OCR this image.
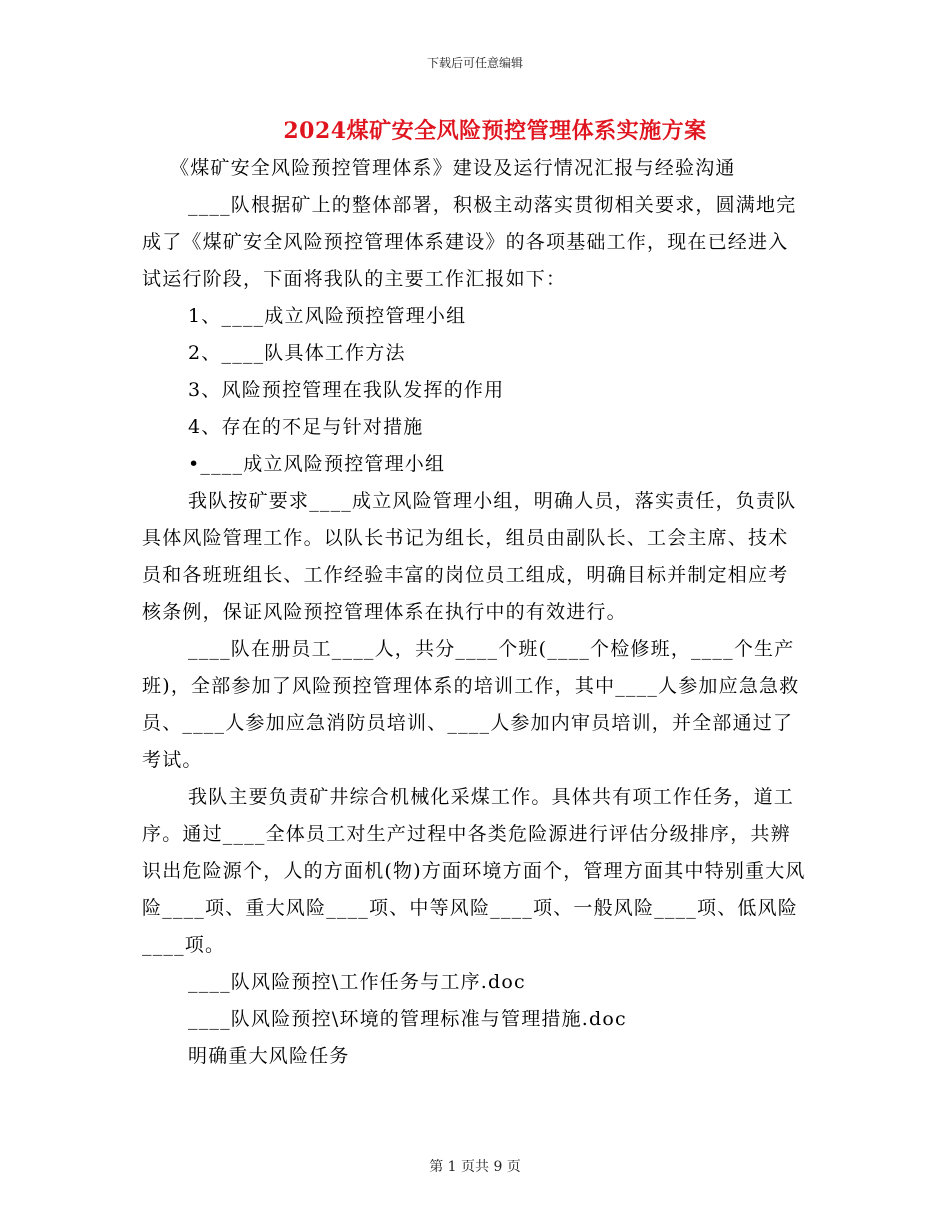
下载后可任意编辑
2024煤矿安全风险预控管理体系实施方案

《煤矿安全风险预控管理体系》建设及运行情况汇报与经验沟通

____队根据矿上的整体部署，积极主动落实贯彻相关要求，圆满地完成了《煤矿安全风险预控管理体系建设》的各项基础工作，现在已经进入试运行阶段，下面将我队的主要工作汇报如下：

1、____成立风险预控管理小组

2、____队具体工作方法

3、风险预控管理在我队发挥的作用

4、存在的不足与针对措施

•____成立风险预控管理小组

我队按矿要求____成立风险管理小组，明确人员，落实责任，负责队具体风险管理工作。以队长书记为组长，组员由副队长、工会主席、技术员和各班班组长、工作经验丰富的岗位员工组成，明确目标并制定相应考核条例，保证风险预控管理体系在执行中的有效进行。

____队在册员工____人，共分____个班(____个检修班，____个生产班)，全部参加了风险预控管理体系的培训工作，其中____人参加应急急救员、____人参加应急消防员培训、____人参加内审员培训，并全部通过了考试。

我队主要负责矿井综合机械化采煤工作。具体共有项工作任务，道工序。通过____全体员工对生产过程中各类危险源进行评估分级排序，共辨识出危险源个，人的方面机(物)方面环境方面个，管理方面其中特别重大风险____项、重大风险____项、中等风险____项、一般风险____项、低风险____项。

____队风险预控\工作任务与工序.doc

____队风险预控\环境的管理标准与管理措施.doc

明确重大风险任务

第 1 页共 9 页
